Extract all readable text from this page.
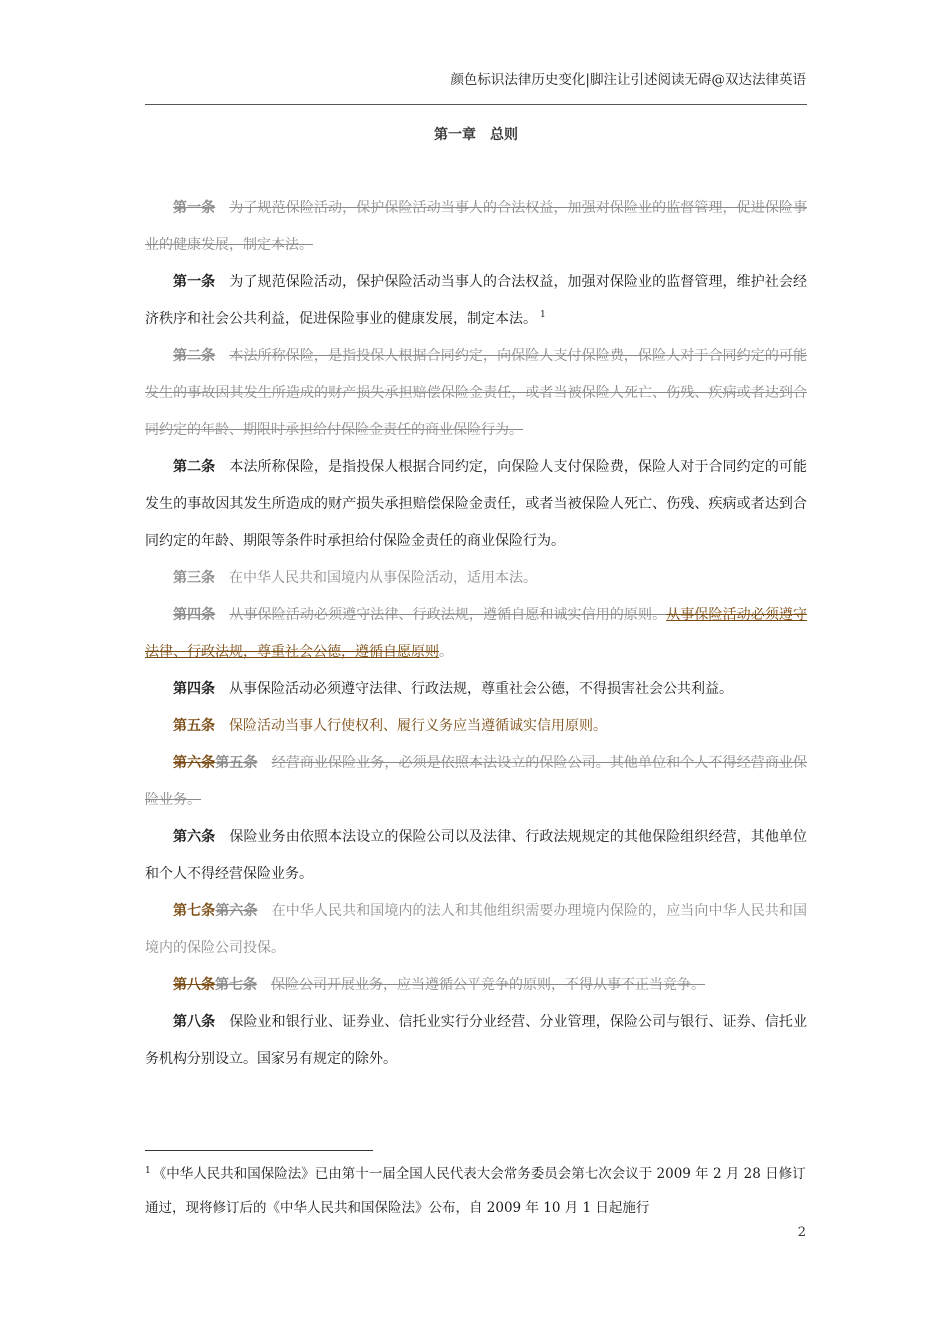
颜色标识法律历史变化|脚注让引述阅读无碍@双达法律英语
第一章　总则

第一条 为了规范保险活动，保护保险活动当事人的合法权益，加强对保险业的监督管理，促进保险事业的健康发展，制定本法。

第一条 为了规范保险活动，保护保险活动当事人的合法权益，加强对保险业的监督管理，维护社会经济秩序和社会公共利益，促进保险事业的健康发展，制定本法。 $^1$

第二条 本法所称保险，是指投保人根据合同约定，向保险人支付保险费，保险人对于合同约定的可能发生的事故因其发生所造成的财产损失承担赔偿保险金责任，或者当被保险人死亡、伤残、疾病或者达到合同约定的年龄、期限时承担给付保险金责任的商业保险行为。

第二条 本法所称保险，是指投保人根据合同约定，向保险人支付保险费，保险人对于合同约定的可能发生的事故因其发生所造成的财产损失承担赔偿保险金责任，或者当被保险人死亡、伤残、疾病或者达到合同约定的年龄、期限等条件时承担给付保险金责任的商业保险行为。

第三条 在中华人民共和国境内从事保险活动，适用本法。

第四条 从事保险活动必须遵守法律、行政法规，遵循自愿和诚实信用的原则。从事保险活动必须遵守法律、行政法规，尊重社会公德，遵循自愿原则。

第四条 从事保险活动必须遵守法律、行政法规，尊重社会公德，不得损害社会公共利益。

第五条 保险活动当事人行使权利、履行义务应当遵循诚实信用原则。

第六条第五条 经营商业保险业务，必须是依照本法设立的保险公司。其他单位和个人不得经营商业保险业务。

第六条 保险业务由依照本法设立的保险公司以及法律、行政法规规定的其他保险组织经营，其他单位和个人不得经营保险业务。

第七条第六条 在中华人民共和国境内的法人和其他组织需要办理境内保险的，应当向中华人民共和国境内的保险公司投保。

第八条第七条 保险公司开展业务，应当遵循公平竞争的原则，不得从事不正当竞争。

第八条 保险业和银行业、证券业、信托业实行分业经营、分业管理，保险公司与银行、证券、信托业务机构分别设立。国家另有规定的除外。

$^1$ 《中华人民共和国保险法》已由第十一届全国人民代表大会常务委员会第七次会议于 2009 年 2 月 28 日修订通过，现将修订后的《中华人民共和国保险法》公布，自 2009 年 10 月 1 日起施行
2
